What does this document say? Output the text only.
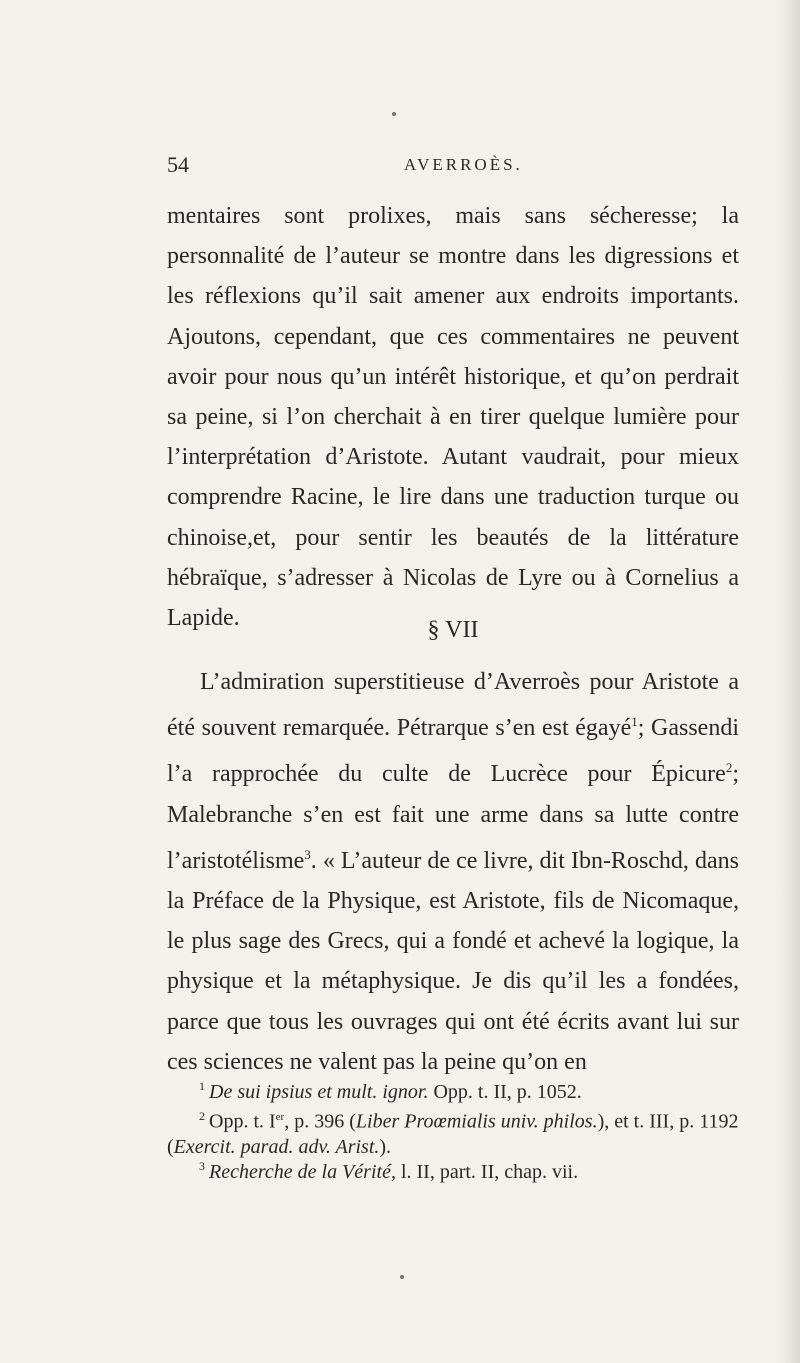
54	AVERROÈS.

mentaires sont prolixes, mais sans sécheresse; la personnalité de l’auteur se montre dans les digressions et les réflexions qu’il sait amener aux endroits importants. Ajoutons, cependant, que ces commentaires ne peuvent avoir pour nous qu’un intérêt historique, et qu’on perdrait sa peine, si l’on cherchait à en tirer quelque lumière pour l’interprétation d’Aristote. Autant vaudrait, pour mieux comprendre Racine, le lire dans une traduction turque ou chinoise,et, pour sentir les beautés de la littérature hébraïque, s’adresser à Nicolas de Lyre ou à Cornelius a Lapide.	§ VII

L’admiration superstitieuse d’Averroès pour Aristote a été souvent remarquée. Pétrarque s’en est égayé$^1$; Gassendi l’a rapprochée du culte de Lucrèce pour Épicure$^2$; Malebranche s’en est fait une arme dans sa lutte contre l’aristotélisme$^3$. « L’auteur de ce livre, dit Ibn-Roschd, dans la Préface de la Physique, est Aristote, fils de Nicomaque, le plus sage des Grecs, qui a fondé et achevé la logique, la physique et la métaphysique. Je dis qu’il les a fondées, parce que tous les ouvrages qui ont été écrits avant lui sur ces sciences ne valent pas la peine qu’on en

$^1$ De sui ipsius et mult. ignor. Opp. t. II, p. 1052.

$^2$ Opp. t. Ier, p. 396 (Liber Proœmialis univ. philos.), et t. III, p. 1192 (Exercit. parad. adv. Arist.).

$^3$ Recherche de la Vérité, l. II, part. II, chap. vii.
